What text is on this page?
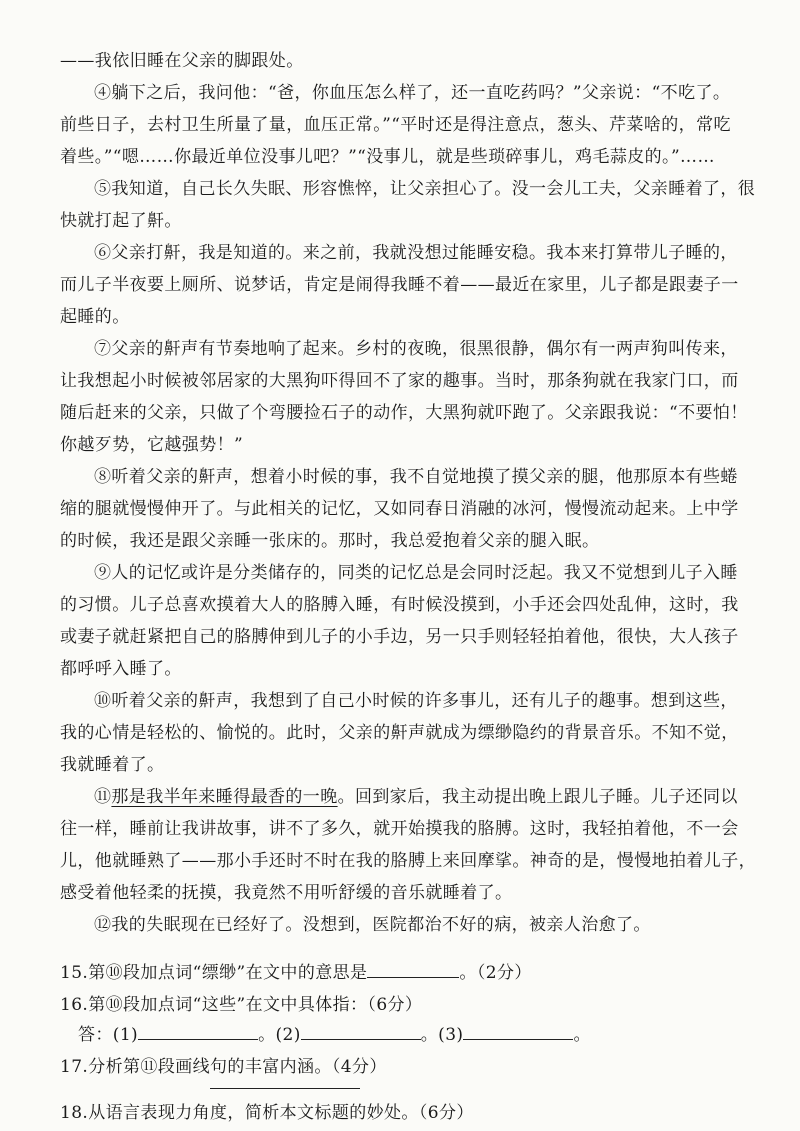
——我依旧睡在父亲的脚跟处。
④躺下之后，我问他：“爸，你血压怎么样了，还一直吃药吗？”父亲说：“不吃了。
前些日子，去村卫生所量了量，血压正常。”“平时还是得注意点，葱头、芹菜啥的，常吃
着些。”“嗯……你最近单位没事儿吧？”“没事儿，就是些琐碎事儿，鸡毛蒜皮的。”……
⑤我知道，自己长久失眠、形容憔悴，让父亲担心了。没一会儿工夫，父亲睡着了，很
快就打起了鼾。
⑥父亲打鼾，我是知道的。来之前，我就没想过能睡安稳。我本来打算带儿子睡的，
而儿子半夜要上厕所、说梦话，肯定是闹得我睡不着——最近在家里，儿子都是跟妻子一
起睡的。
⑦父亲的鼾声有节奏地响了起来。乡村的夜晚，很黑很静，偶尔有一两声狗叫传来，
让我想起小时候被邻居家的大黑狗吓得回不了家的趣事。当时，那条狗就在我家门口，而
随后赶来的父亲，只做了个弯腰捡石子的动作，大黑狗就吓跑了。父亲跟我说：“不要怕！
你越歹势，它越强势！”
⑧听着父亲的鼾声，想着小时候的事，我不自觉地摸了摸父亲的腿，他那原本有些蜷
缩的腿就慢慢伸开了。与此相关的记忆，又如同春日消融的冰河，慢慢流动起来。上中学
的时候，我还是跟父亲睡一张床的。那时，我总爱抱着父亲的腿入眠。
⑨人的记忆或许是分类储存的，同类的记忆总是会同时泛起。我又不觉想到儿子入睡
的习惯。儿子总喜欢摸着大人的胳膊入睡，有时候没摸到，小手还会四处乱伸，这时，我
或妻子就赶紧把自己的胳膊伸到儿子的小手边，另一只手则轻轻拍着他，很快，大人孩子
都呼呼入睡了。
⑩听着父亲的鼾声，我想到了自己小时候的许多事儿，还有儿子的趣事。想到这些，
我的心情是轻松的、愉悦的。此时，父亲的鼾声就成为缥缈隐约的背景音乐。不知不觉，
我就睡着了。
⑪那是我半年来睡得最香的一晚。回到家后，我主动提出晚上跟儿子睡。儿子还同以
往一样，睡前让我讲故事，讲不了多久，就开始摸我的胳膊。这时，我轻拍着他，不一会
儿，他就睡熟了——那小手还时不时在我的胳膊上来回摩挲。神奇的是，慢慢地拍着儿子，
感受着他轻柔的抚摸，我竟然不用听舒缓的音乐就睡着了。
⑫我的失眠现在已经好了。没想到，医院都治不好的病，被亲人治愈了。
15.第⑩段加点词“缥缈”在文中的意思是	。（2分）
16.第⑩段加点词“这些”在文中具体指：（6分）
答：(1)	。(2)	。(3)	。
17.分析第⑪段画线句的丰富内涵。（4分）
18.从语言表现力角度，简析本文标题的妙处。（6分）
